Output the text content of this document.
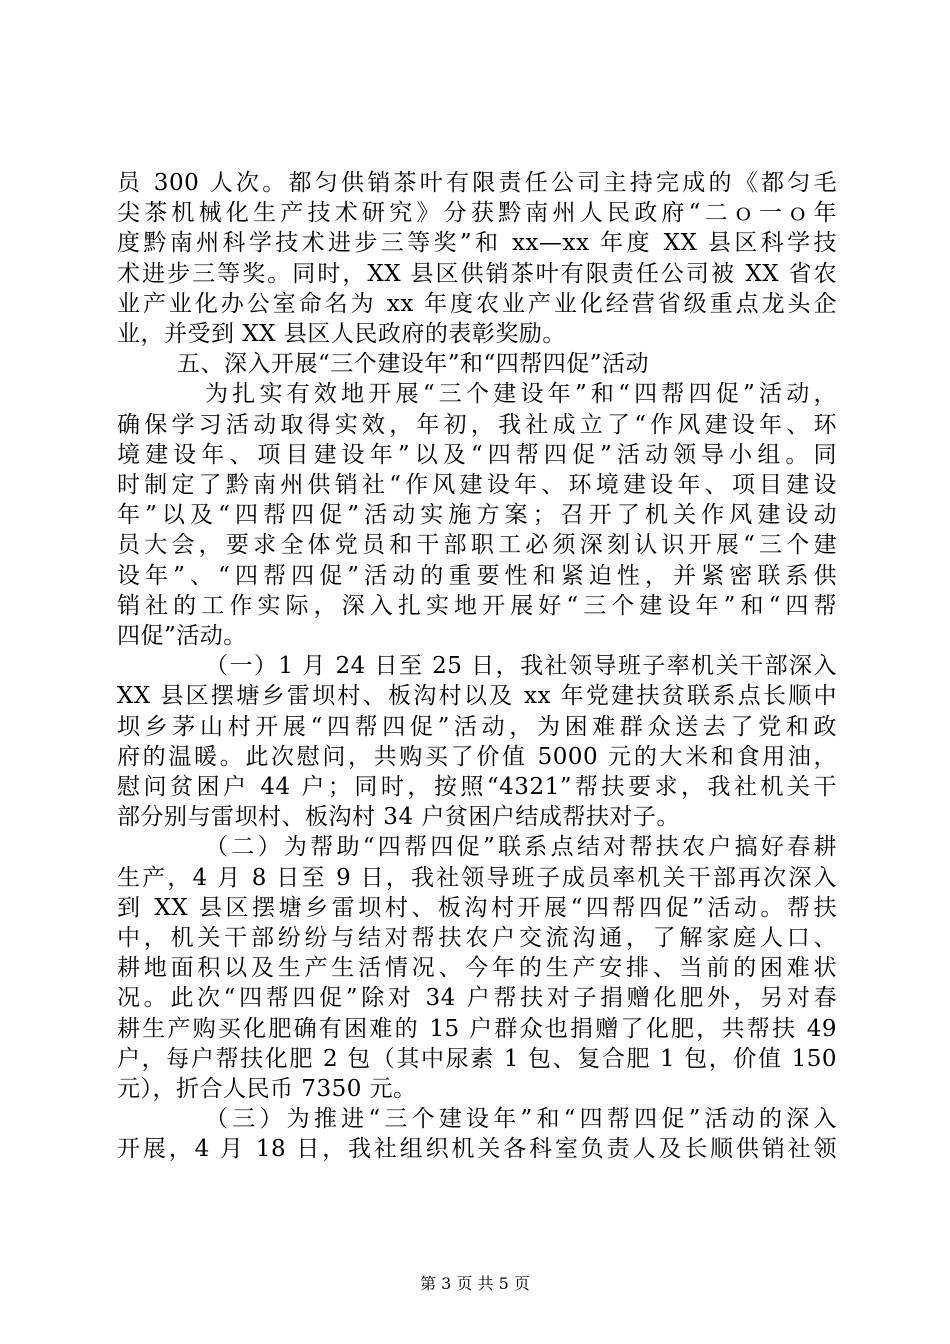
员 300 人次。都匀供销茶叶有限责任公司主持完成的《都匀毛
尖茶机械化生产技术研究》分获黔南州人民政府“二ｏ一ｏ年
度黔南州科学技术进步三等奖”和 xx—xx 年度 XX 县区科学技
术进步三等奖。同时，XX 县区供销茶叶有限责任公司被 XX 省农
业产业化办公室命名为 xx 年度农业产业化经营省级重点龙头企
业，并受到 XX 县区人民政府的表彰奖励。
五、深入开展“三个建设年”和“四帮四促”活动
为扎实有效地开展“三个建设年”和“四帮四促”活动，
确保学习活动取得实效，年初，我社成立了“作风建设年、环
境建设年、项目建设年”以及“四帮四促”活动领导小组。同
时制定了黔南州供销社“作风建设年、环境建设年、项目建设
年”以及“四帮四促”活动实施方案；召开了机关作风建设动
员大会，要求全体党员和干部职工必须深刻认识开展“三个建
设年”、“四帮四促”活动的重要性和紧迫性，并紧密联系供
销社的工作实际，深入扎实地开展好“三个建设年”和“四帮
四促”活动。
（一）1 月 24 日至 25 日，我社领导班子率机关干部深入
XX 县区摆塘乡雷坝村、板沟村以及 xx 年党建扶贫联系点长顺中
坝乡茅山村开展“四帮四促”活动，为困难群众送去了党和政
府的温暖。此次慰问，共购买了价值 5000 元的大米和食用油，
慰问贫困户 44 户；同时，按照“4321”帮扶要求，我社机关干
部分别与雷坝村、板沟村 34 户贫困户结成帮扶对子。
（二）为帮助“四帮四促”联系点结对帮扶农户搞好春耕
生产，4 月 8 日至 9 日，我社领导班子成员率机关干部再次深入
到 XX 县区摆塘乡雷坝村、板沟村开展“四帮四促”活动。帮扶
中，机关干部纷纷与结对帮扶农户交流沟通，了解家庭人口、
耕地面积以及生产生活情况、今年的生产安排、当前的困难状
况。此次“四帮四促”除对 34 户帮扶对子捐赠化肥外，另对春
耕生产购买化肥确有困难的 15 户群众也捐赠了化肥，共帮扶 49
户，每户帮扶化肥 2 包（其中尿素 1 包、复合肥 1 包，价值 150
元），折合人民币 7350 元。
（三）为推进“三个建设年”和“四帮四促”活动的深入
开展，4 月 18 日，我社组织机关各科室负责人及长顺供销社领
第 3 页 共 5 页
